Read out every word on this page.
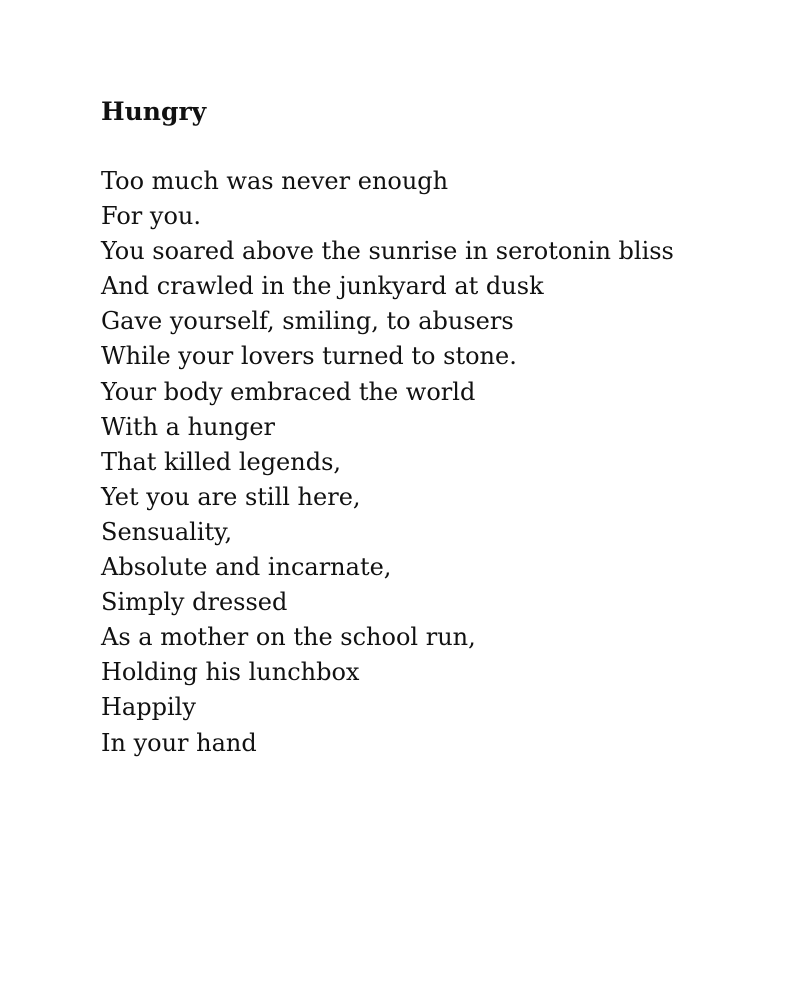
Hungry
Too much was never enough
For you.
You soared above the sunrise in serotonin bliss
And crawled in the junkyard at dusk
Gave yourself, smiling, to abusers
While your lovers turned to stone.
Your body embraced the world
With a hunger
That killed legends,
Yet you are still here,
Sensuality,
Absolute and incarnate,
Simply dressed
As a mother on the school run,
Holding his lunchbox
Happily
In your hand
